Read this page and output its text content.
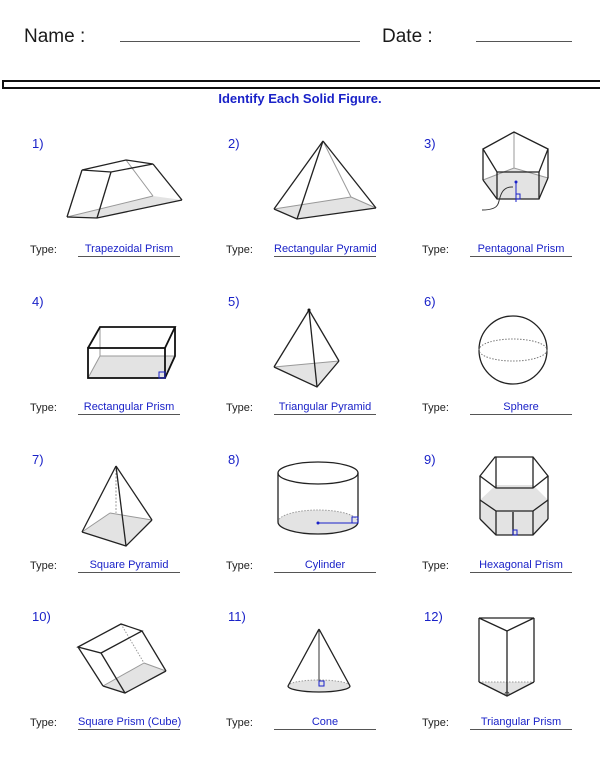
Name :	Date :
Identify Each Solid Figure.
1)
Type:	Trapezoidal Prism
2)
Type: Rectangular Pyramid
3)
Type:	Pentagonal Prism
4)
Type:	Rectangular Prism
5)
Type:	Triangular Pyramid
6)
Type:	Sphere
7)
Type:	Square Pyramid
8)
Type:	Cylinder
9)
Type:	Hexagonal Prism
10)
Type: Square Prism (Cube)
11)
Type:	Cone
12)
Type:	Triangular Prism
